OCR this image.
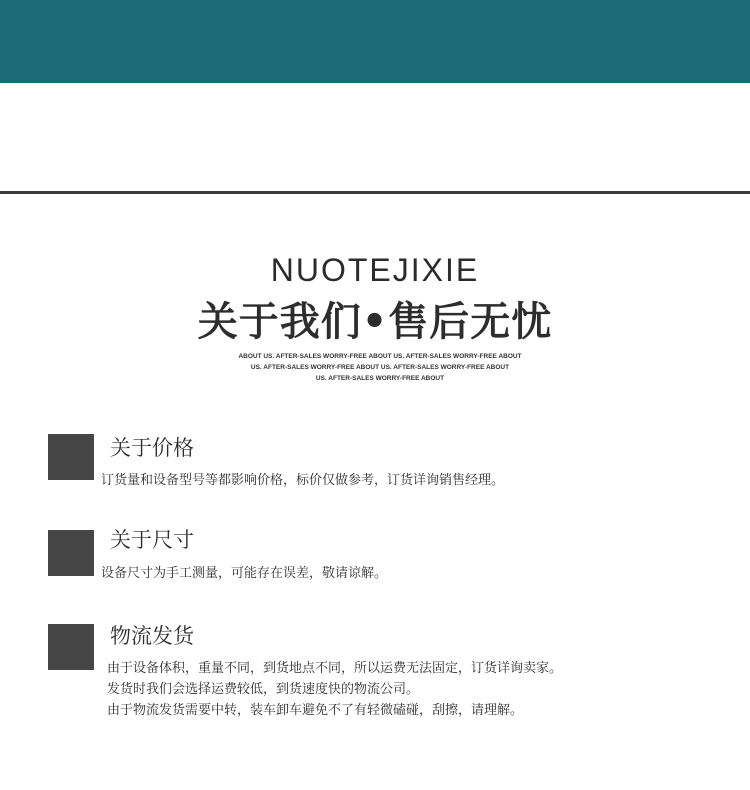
NUOTEJIXIE
关于我们•售后无忧
ABOUT US. AFTER-SALES WORRY-FREE ABOUT US. AFTER-SALES WORRY-FREE ABOUT
US. AFTER-SALES WORRY-FREE ABOUT US. AFTER-SALES WORRY-FREE ABOUT
US. AFTER-SALES WORRY-FREE ABOUT
关于价格
订货量和设备型号等都影响价格，标价仅做参考，订货详询销售经理。
关于尺寸
设备尺寸为手工测量，可能存在误差，敬请谅解。
物流发货
由于设备体积，重量不同，到货地点不同，所以运费无法固定，订货详询卖家。
发货时我们会选择运费较低，到货速度快的物流公司。
由于物流发货需要中转，装车卸车避免不了有轻微磕碰，刮擦，请理解。
